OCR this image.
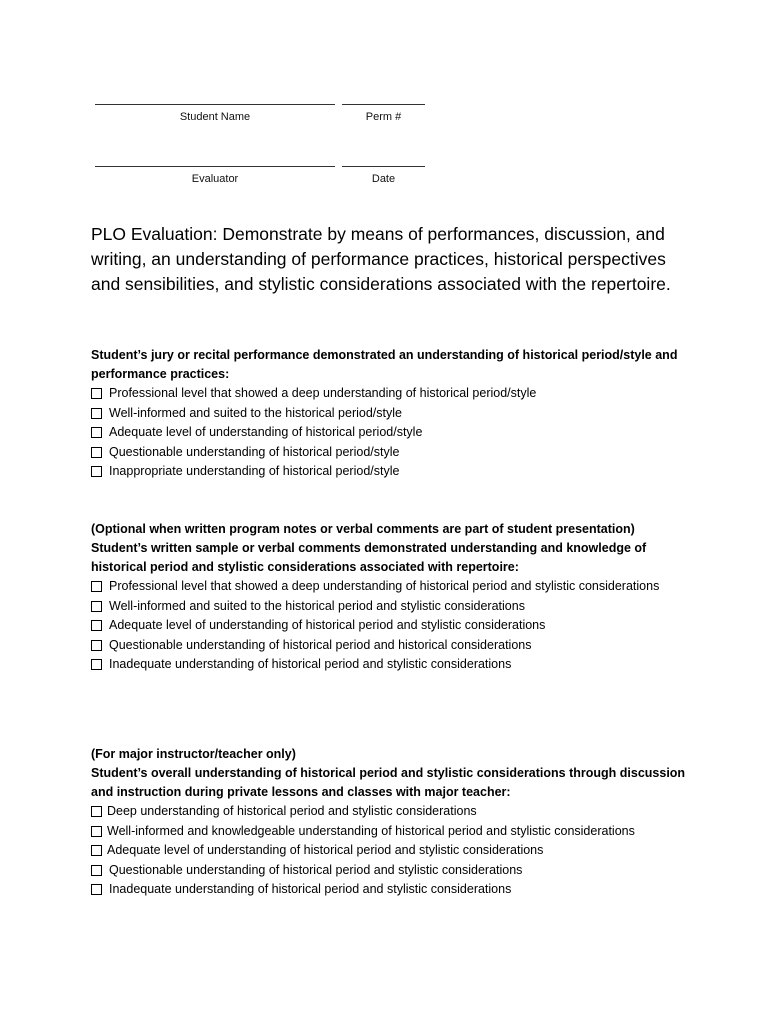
Student Name	Perm #
Evaluator	Date
PLO Evaluation: Demonstrate by means of performances, discussion, and writing, an understanding of performance practices, historical perspectives and sensibilities, and stylistic considerations associated with the repertoire.
Student’s jury or recital performance demonstrated an understanding of historical period/style and performance practices:
Professional level that showed a deep understanding of historical period/style
Well-informed and suited to the historical period/style
Adequate level of understanding of historical period/style
Questionable understanding of historical period/style
Inappropriate understanding of historical period/style
(Optional when written program notes or verbal comments are part of student presentation)
Student’s written sample or verbal comments demonstrated understanding and knowledge of historical period and stylistic considerations associated with repertoire:
Professional level that showed a deep understanding of historical period and stylistic considerations
Well-informed and suited to the historical period and stylistic considerations
Adequate level of understanding of historical period and stylistic considerations
Questionable understanding of historical period and historical considerations
Inadequate understanding of historical period and stylistic considerations
(For major instructor/teacher only)
Student’s overall understanding of historical period and stylistic considerations through discussion and instruction during private lessons and classes with major teacher:
Deep understanding of historical period and stylistic considerations
Well-informed and knowledgeable understanding of historical period and stylistic considerations
Adequate level of understanding of historical period and stylistic considerations
Questionable understanding of historical period and stylistic considerations
Inadequate understanding of historical period and stylistic considerations
